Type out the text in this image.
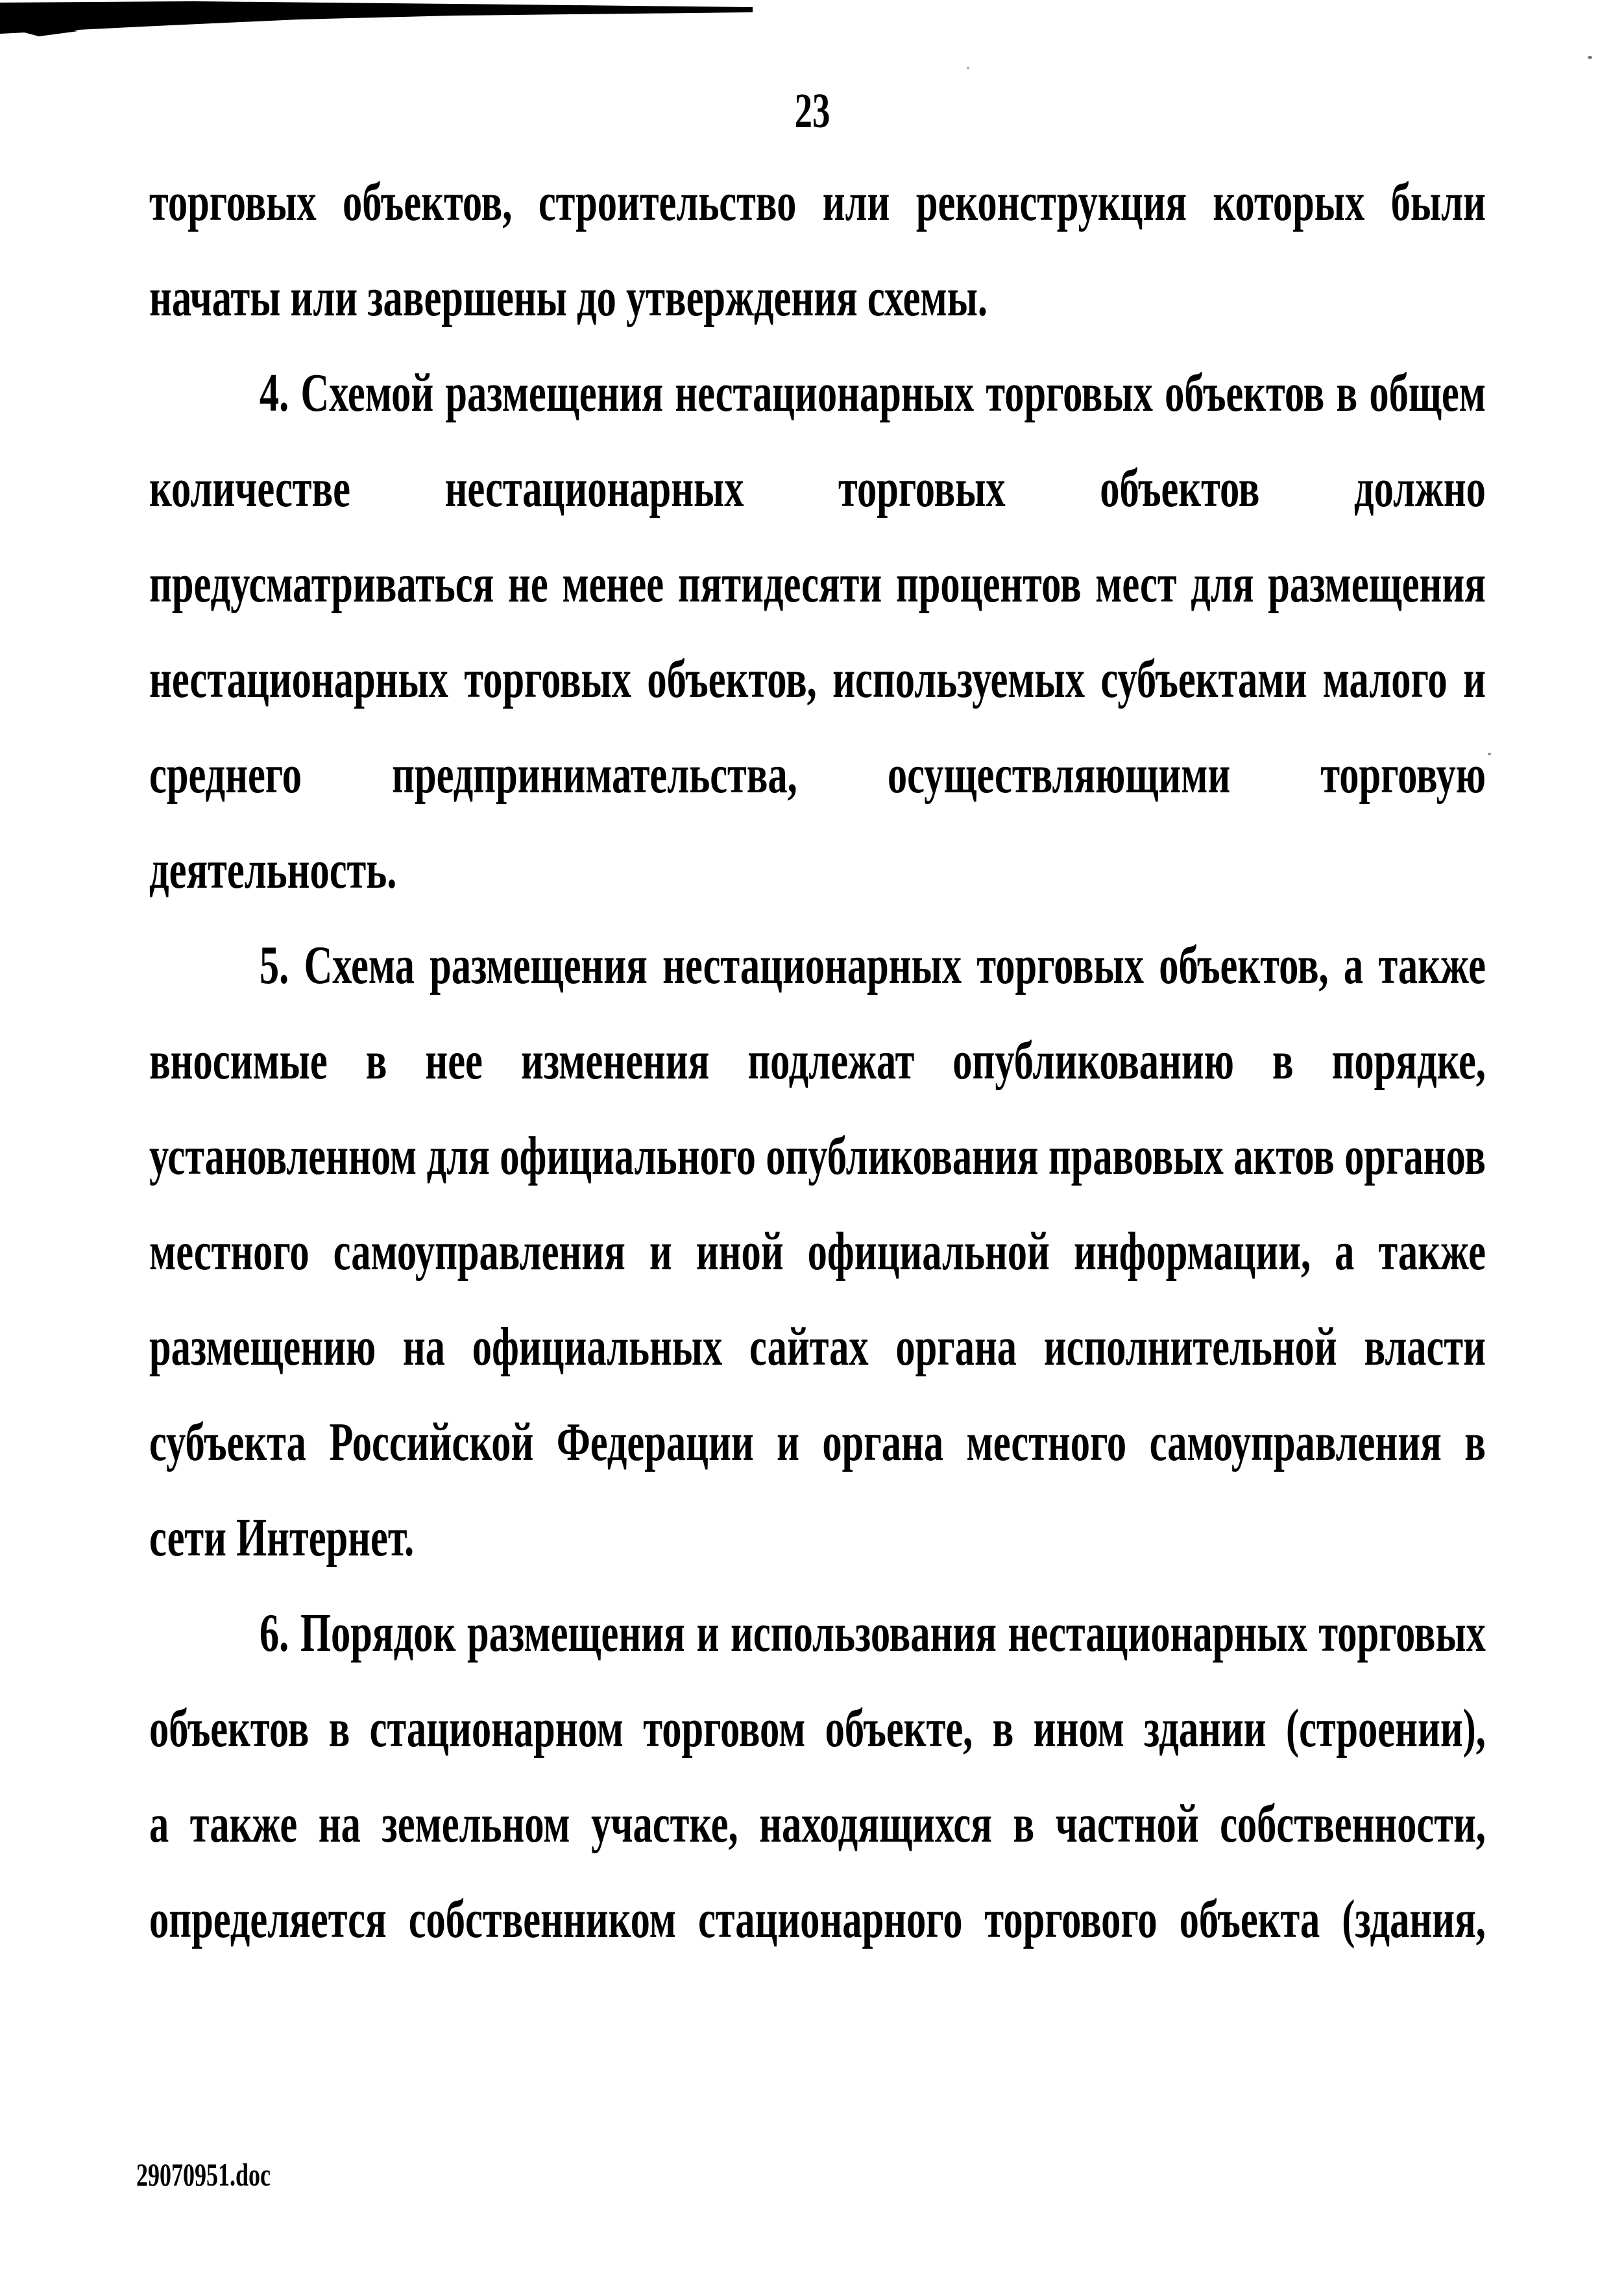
23
торговых объектов, строительство или реконструкция которых были
начаты или завершены до утверждения схемы.
4. Схемой размещения нестационарных торговых объектов в общем
количестве нестационарных торговых объектов должно
предусматриваться не менее пятидесяти процентов мест для размещения
нестационарных торговых объектов, используемых субъектами малого и
среднего предпринимательства, осуществляющими торговую
деятельность.
5. Схема размещения нестационарных торговых объектов, а также
вносимые в нее изменения подлежат опубликованию в порядке,
установленном для официального опубликования правовых актов органов
местного самоуправления и иной официальной информации, а также
размещению на официальных сайтах органа исполнительной власти
субъекта Российской Федерации и органа местного самоуправления в
сети Интернет.
6. Порядок размещения и использования нестационарных торговых
объектов в стационарном торговом объекте, в ином здании (строении),
а также на земельном участке, находящихся в частной собственности,
определяется собственником стационарного торгового объекта (здания,
29070951.doc
